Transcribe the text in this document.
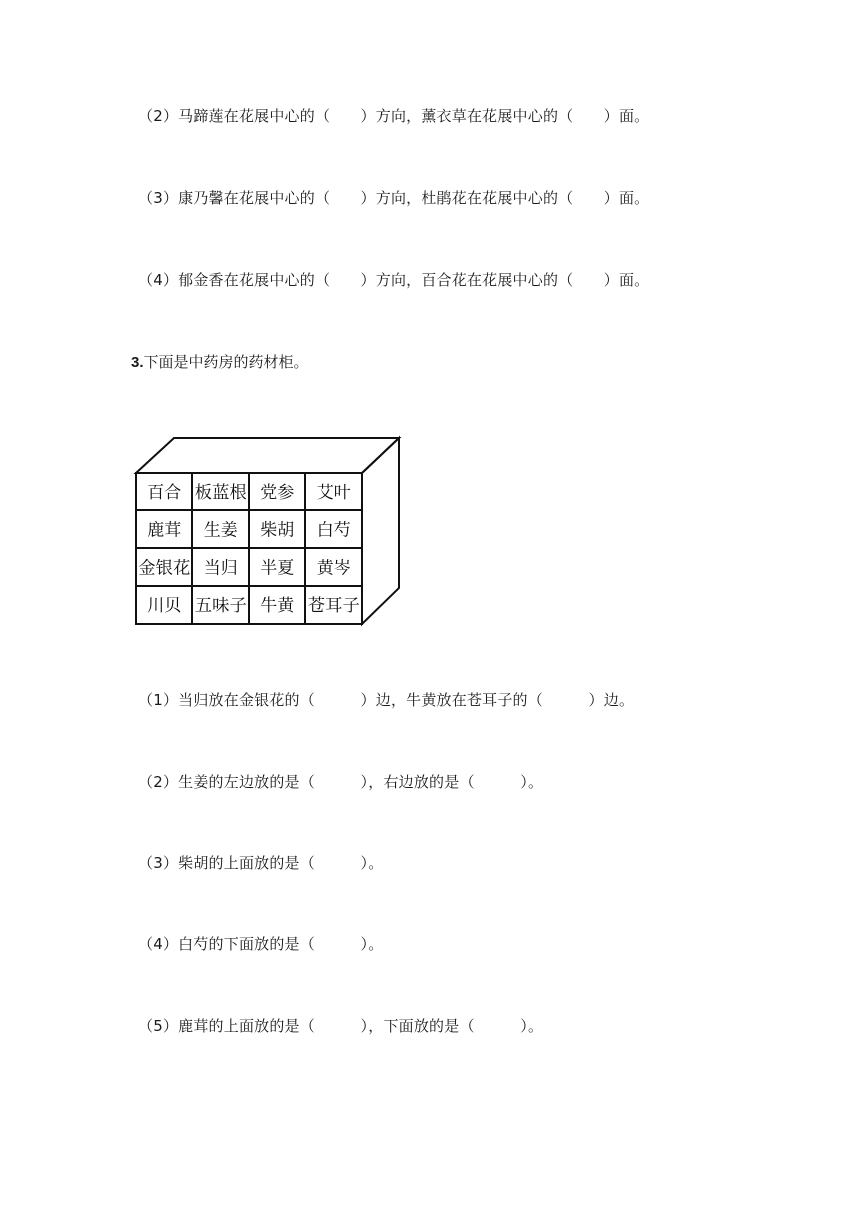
（2）马蹄莲在花展中心的（　　）方向，薰衣草在花展中心的（　　）面。
（3）康乃馨在花展中心的（　　）方向，杜鹃花在花展中心的（　　）面。
（4）郁金香在花展中心的（　　）方向，百合花在花展中心的（　　）面。
3.下面是中药房的药材柜。
百合 板蓝根 党参 艾叶
鹿茸 生姜 柴胡 白芍
金银花 当归 半夏 黄岑
川贝 五味子 牛黄 苍耳子
（1）当归放在金银花的（　　　）边，牛黄放在苍耳子的（　　　）边。
（2）生姜的左边放的是（　　　），右边放的是（　　　）。
（3）柴胡的上面放的是（　　　）。
（4）白芍的下面放的是（　　　）。
（5）鹿茸的上面放的是（　　　），下面放的是（　　　）。
